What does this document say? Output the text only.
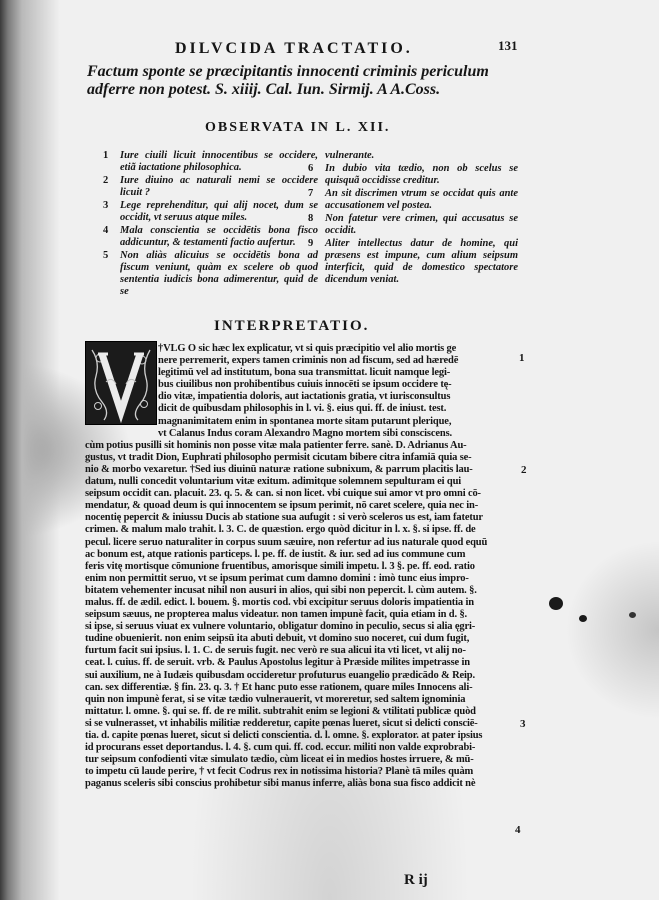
DILVCIDA TRACTATIO.	131
Factum sponte se præcipitantis innocenti criminis periculum adferre non potest. S. xiiij. Cal. Iun. Sirmij. A A.Coss.
OBSERVATA IN L. XII.
1	Iure ciuili licuit innocentibus se occidere, etiã iactatione philosophica.
2	Iure diuino ac naturali nemi se occidere licuit ?
3	Lege reprehenditur, qui alij nocet, dum se occidit, vt seruus atque miles.
4	Mala conscientia se occidētis bona fisco addicuntur, & testamenti factio aufertur.
5	Non aliàs alicuius se occidētis bona ad fiscum veniunt, quàm ex scelere ob quod sententia iudicis bona adimerentur, quid de se
vulnerante.
6	In dubio vita tædio, non ob scelus se quisquã occidisse creditur.
7	An sit discrimen vtrum se occidat quis ante accusationem vel postea.
8	Non fatetur vere crimen, qui accusatus se occidit.
9	Aliter intellectus datur de homine, qui præsens est impune, cum alium seipsum interficit, quid de domestico spectatore dicendum veniat.
INTERPRETATIO.
†VLG O sic hæc lex explicatur, vt si quis præcipitio vel alio mortis ge
nere perremerit, expers tamen criminis non ad fiscum, sed ad hæredē
legitimū vel ad institutum, bona sua transmittat. licuit namque legi-
bus ciuilibus non prohibentibus cuiuis innocēti se ipsum occidere tę-
dio vitæ, impatientia doloris, aut iactationis gratia, vt iurisconsultus
dicit de quibusdam philosophis in l. vi. §. eius qui. ff. de iniust. test.
magnanimitatem enim in spontanea morte sitam putarunt plerique,
vt Calanus Indus coram Alexandro Magno mortem sibi consciscens.
cùm potius pusilli sit hominis non posse vitæ mala patienter ferre. sanè. D. Adrianus Au-
gustus, vt tradit Dion, Euphrati philosopho permisit cicutam bibere citra infamiā quia se-
nio & morbo vexaretur. †Sed ius diuinū naturæ ratione subnixum, & parrum placitis lau-
datum, nulli concedit voluntarium vitæ exitum. adimitque solemnem sepulturam ei qui
seipsum occidit can. placuit. 23. q. 5. & can. si non licet. vbi cuique sui amor vt pro omni cō-
mendatur, & quoad deum is qui innocentem se ipsum perimit, nō caret scelere, quia nec in-
nocentię pepercit & iniussu Ducis ab statione sua aufugit : si verò sceleros us est, iam fatetur
crimen. & malum malo trahit. l. 3. C. de quæstion. ergo quòd dicitur in l. x. §. si ipse. ff. de
pecul. licere seruo naturaliter in corpus suum sæuire, non refertur ad ius naturale quod equū
ac bonum est, atque rationis particeps. l. pe. ff. de iustit. & iur. sed ad ius commune cum
feris vitę mortisque cōmunione fruentibus, amorisque simili impetu. l. 3 §. pe. ff. eod. ratio
enim non permittit seruo, vt se ipsum perimat cum damno domini : imò tunc eius impro-
bitatem vehementer incusat nihil non ausuri in alios, qui sibi non pepercit. l. cùm autem. §.
malus. ff. de ædil. edict. l. bouem. §. mortis cod. vbi excipitur seruus doloris impatientia in
seipsum sæuus, ne propterea malus videatur. non tamen impunè facit, quia etiam in d. §.
si ipse, si seruus viuat ex vulnere voluntario, obligatur domino in peculio, secus si alia ęgri-
tudine obuenierit. non enim seipsū ita abuti debuit, vt domino suo noceret, cui dum fugit,
furtum facit sui ipsius. l. 1. C. de seruis fugit. nec verò re sua alicui ita vti licet, vt alij no-
ceat. l. cuius. ff. de seruit. vrb. & Paulus Apostolus legitur à Præside milites impetrasse in
sui auxilium, ne à Iudæis quibusdam occideretur profuturus euangelio prædicādo & Reip.
can. sex differentiæ. § fin. 23. q. 3. † Et hanc puto esse rationem, quare miles Innocens ali-
quin non impunè ferat, si se vitæ tædio vulnerauerit, vt moreretur, sed saltem ignominia
mittatur. l. omne. §. qui se. ff. de re milit. subtrahit enim se legioni & vtilitati publicæ quòd
si se vulnerasset, vt inhabilis militiæ redderetur, capite pœnas lueret, sicut si delicti consciē-
tia. d. capite pœnas lueret, sicut si delicti conscientia. d. l. omne. §. explorator. at pater ipsius
id procurans esset deportandus. l. 4. §. cum qui. ff. cod. eccur. militi non valde exprobrabi-
tur seipsum confodienti vitæ simulato tædio, cùm liceat ei in medios hostes irruere, & mū-
to impetu cū laude perire, † vt fecit Codrus rex in notissima historia? Planè tā miles quàm
paganus sceleris sibi conscius prohibetur sibi manus inferre, aliàs bona sua fisco addicit nè
1
2
3
4
R ij
